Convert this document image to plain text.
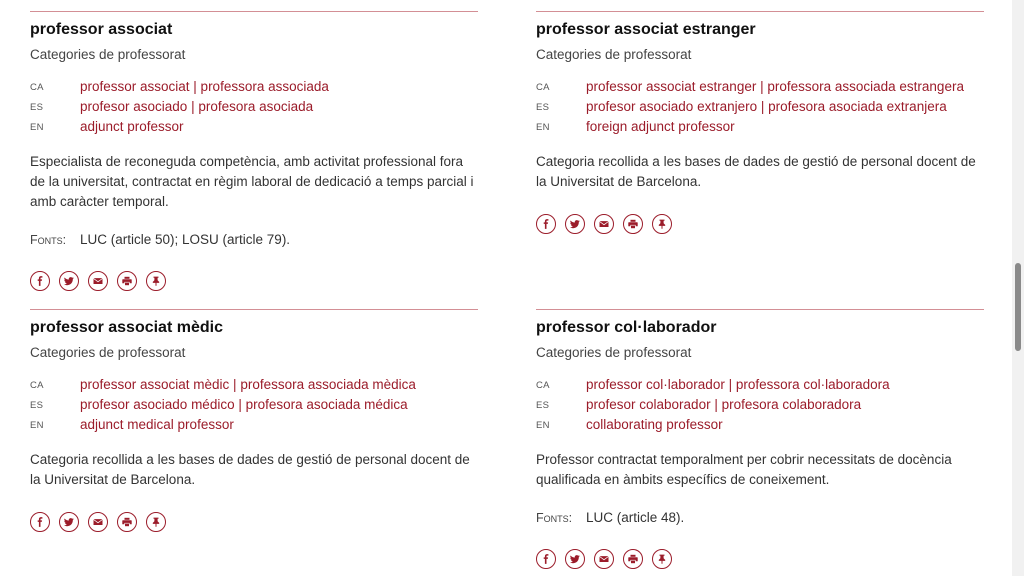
professor associat
Categories de professorat
CA	professor associat | professora associada
ES	profesor asociado | profesora asociada
EN	adjunct professor
Especialista de reconeguda competència, amb activitat professional fora de la universitat, contractat en règim laboral de dedicació a temps parcial i amb caràcter temporal.
Fonts: LUC (article 50); LOSU (article 79).
professor associat estranger
Categories de professorat
CA	professor associat estranger | professora associada estrangera
ES	profesor asociado extranjero | profesora asociada extranjera
EN	foreign adjunct professor
Categoria recollida a les bases de dades de gestió de personal docent de la Universitat de Barcelona.
professor associat mèdic
Categories de professorat
CA	professor associat mèdic | professora associada mèdica
ES	profesor asociado médico | profesora asociada médica
EN	adjunct medical professor
Categoria recollida a les bases de dades de gestió de personal docent de la Universitat de Barcelona.
professor col·laborador
Categories de professorat
CA	professor col·laborador | professora col·laboradora
ES	profesor colaborador | profesora colaboradora
EN	collaborating professor
Professor contractat temporalment per cobrir necessitats de docència qualificada en àmbits específics de coneixement.
Fonts: LUC (article 48).
